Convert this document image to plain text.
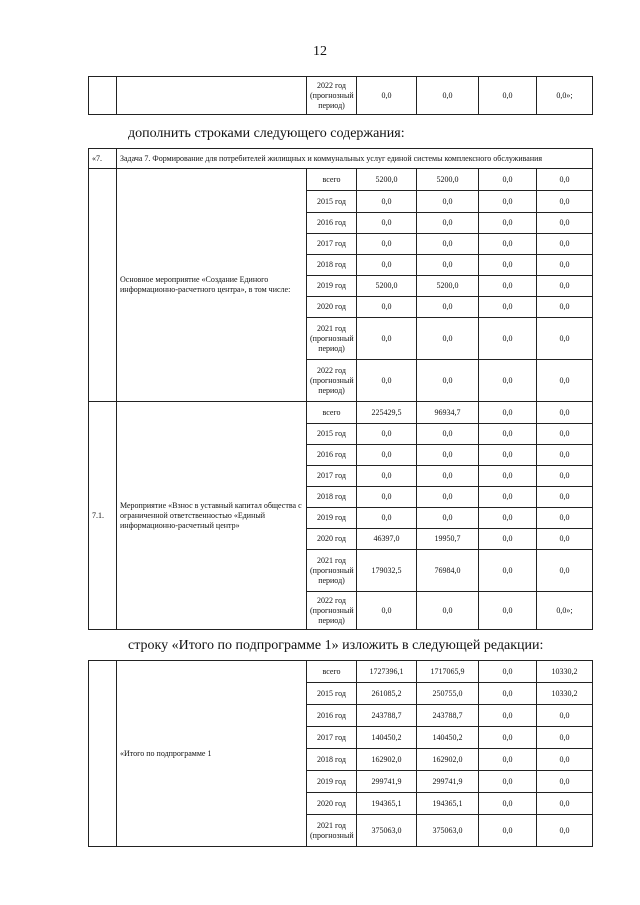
12
		2022 год (прогнозный период)	0,0	0,0	0,0	0,0»;
дополнить строками следующего содержания:
«7.	Задача 7. Формирование для потребителей жилищных и коммунальных услуг единой системы комплексного обслуживания					
	Основное мероприятие «Создание Единого информационно-расчетного центра», в том числе:	всего	5200,0	5200,0	0,0	0,0
		2015 год	0,0	0,0	0,0	0,0
		2016 год	0,0	0,0	0,0	0,0
		2017 год	0,0	0,0	0,0	0,0
		2018 год	0,0	0,0	0,0	0,0
		2019 год	5200,0	5200,0	0,0	0,0
		2020 год	0,0	0,0	0,0	0,0
		2021 год (прогнозный период)	0,0	0,0	0,0	0,0
		2022 год (прогнозный период)	0,0	0,0	0,0	0,0
7.1.	Мероприятие «Взнос в уставный капитал общества с ограниченной ответственностью «Единый информационно-расчетный центр»	всего	225429,5	96934,7	0,0	0,0
		2015 год	0,0	0,0	0,0	0,0
		2016 год	0,0	0,0	0,0	0,0
		2017 год	0,0	0,0	0,0	0,0
		2018 год	0,0	0,0	0,0	0,0
		2019 год	0,0	0,0	0,0	0,0
		2020 год	46397,0	19950,7	0,0	0,0
		2021 год (прогнозный период)	179032,5	76984,0	0,0	0,0
		2022 год (прогнозный период)	0,0	0,0	0,0	0,0»;
строку «Итого по подпрограмме 1» изложить в следующей редакции:
	«Итого по подпрограмме 1	всего	1727396,1	1717065,9	0,0	10330,2
		2015 год	261085,2	250755,0	0,0	10330,2
		2016 год	243788,7	243788,7	0,0	0,0
		2017 год	140450,2	140450,2	0,0	0,0
		2018 год	162902,0	162902,0	0,0	0,0
		2019 год	299741,9	299741,9	0,0	0,0
		2020 год	194365,1	194365,1	0,0	0,0
		2021 год (прогнозный	375063,0	375063,0	0,0	0,0
